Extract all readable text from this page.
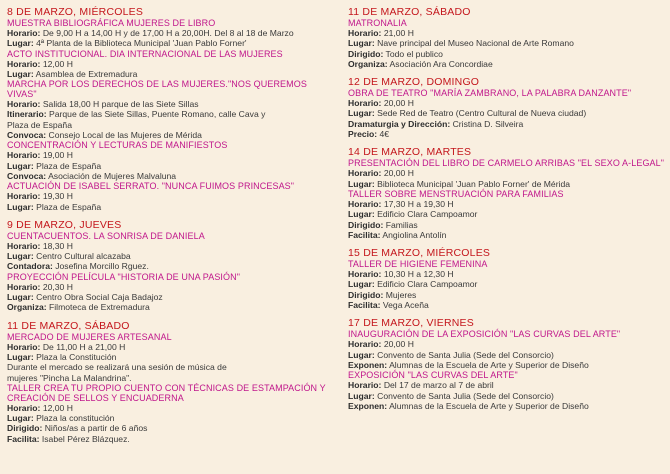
8 DE MARZO, MIÉRCOLES
MUESTRA BIBLIOGRÁFICA MUJERES DE LIBRO
Horario: De 9,00 H a 14,00 H y de 17,00 H a 20,00H. Del 8 al 18 de Marzo
Lugar: 4ª Planta de la Biblioteca Municipal 'Juan Pablo Forner'
ACTO INSTITUCIONAL. DIA INTERNACIONAL DE LAS MUJERES
Horario: 12,00 H
Lugar: Asamblea de Extremadura
MARCHA POR LOS DERECHOS DE LAS MUJERES."NOS QUEREMOS VIVAS"
Horario: Salida 18,00 H parque de las Siete Sillas
Itinerario: Parque de las Siete Sillas, Puente Romano, calle Cava y
Plaza de España
Convoca: Consejo Local de las Mujeres de Mérida
CONCENTRACIÓN Y LECTURAS DE MANIFIESTOS
Horario: 19,00 H
Lugar: Plaza de España
Convoca: Asociación de Mujeres Malvaluna
ACTUACIÓN DE ISABEL SERRATO. "NUNCA FUIMOS PRINCESAS"
Horario: 19,30 H
Lugar: Plaza de España
9 DE MARZO, JUEVES
CUENTACUENTOS. LA SONRISA DE DANIELA
Horario: 18,30 H
Lugar: Centro Cultural alcazaba
Contadora: Josefina Morcillo Rguez.
PROYECCIÓN PELÍCULA "HISTORIA DE UNA PASIÓN"
Horario: 20,30 H
Lugar: Centro Obra Social Caja Badajoz
Organiza: Filmoteca de Extremadura
11 DE MARZO, SÁBADO
MERCADO DE MUJERES ARTESANAL
Horario: De 11,00 H a 21,00 H
Lugar: Plaza la Constitución
Durante el mercado se realizará una sesión de música de
mujeres "Pincha La Malandrina".
TALLER CREA TU PROPIO CUENTO CON TÉCNICAS DE ESTAMPACIÓN Y CREACIÓN DE SELLOS Y ENCUADERNA
Horario: 12,00 H
Lugar: Plaza la constitución
Dirigido: Niños/as a partir de 6 años
Facilita: Isabel Pérez Blázquez.
11 DE MARZO, SÁBADO
MATRONALIA
Horario: 21,00 H
Lugar: Nave principal del Museo Nacional de Arte Romano
Dirigido: Todo el publico
Organiza: Asociación Ara Concordiae
12 DE MARZO, DOMINGO
OBRA DE TEATRO "MARÍA ZAMBRANO, LA PALABRA DANZANTE"
Horario: 20,00 H
Lugar: Sede Red de Teatro (Centro Cultural de Nueva ciudad)
Dramaturgia y Dirección: Cristina D. Silveira
Precio: 4€
14 DE MARZO, MARTES
PRESENTACIÓN DEL LIBRO DE CARMELO ARRIBAS "EL SEXO A-LEGAL"
Horario: 20,00 H
Lugar: Biblioteca Municipal 'Juan Pablo Forner' de Mérida
TALLER SOBRE MENSTRUACIÓN PARA FAMILIAS
Horario: 17,30 H a 19,30 H
Lugar: Edificio Clara Campoamor
Dirigido: Familias
Facilita: Angiolina Antolín
15 DE MARZO, MIÉRCOLES
TALLER DE HIGIENE FEMENINA
Horario: 10,30 H a 12,30 H
Lugar: Edificio Clara Campoamor
Dirigido: Mujeres
Facilita: Vega Aceña
17 DE MARZO, VIERNES
INAUGURACIÓN DE LA EXPOSICIÓN "LAS CURVAS DEL ARTE"
Horario: 20,00 H
Lugar: Convento de Santa Julia (Sede del Consorcio)
Exponen: Alumnas de la Escuela de Arte y Superior de Diseño
EXPOSICIÓN "LAS CURVAS DEL ARTE"
Horario: Del 17 de marzo al 7 de abril
Lugar: Convento de Santa Julia (Sede del Consorcio)
Exponen: Alumnas de la Escuela de Arte y Superior de Diseño
